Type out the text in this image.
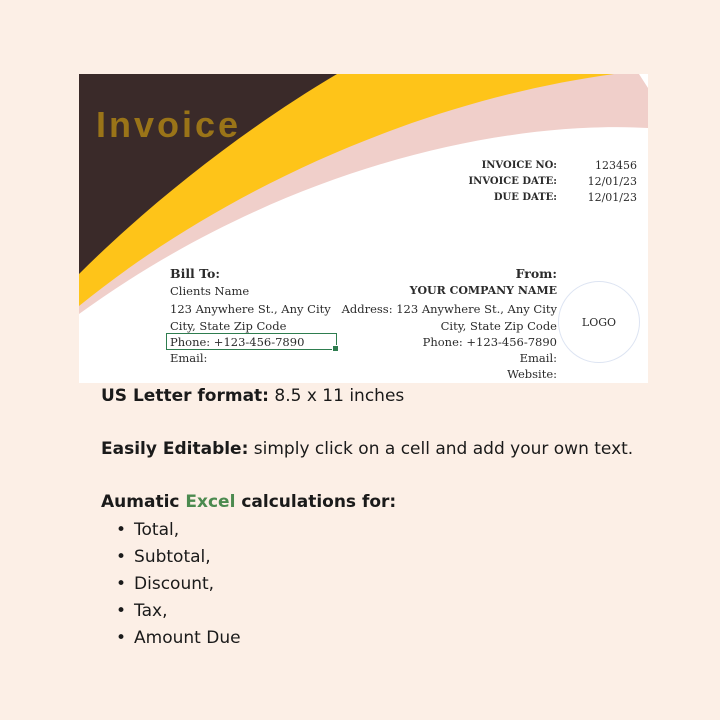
Invoice
INVOICE NO:	123456
INVOICE DATE:	12/01/23
DUE DATE:	12/01/23
Bill To:
Clients Name
123 Anywhere St., Any City
City, State Zip Code
Phone: +123-456-7890
Email:
From:
YOUR COMPANY NAME
Address: 123 Anywhere St., Any City
City, State Zip Code
Phone: +123-456-7890
Email:
Website:
LOGO
US Letter format: 8.5 x 11 inches
Easily Editable: simply click on a cell and add your own text.
Aumatic Excel calculations for:
• Total,
• Subtotal,
• Discount,
• Tax,
• Amount Due
